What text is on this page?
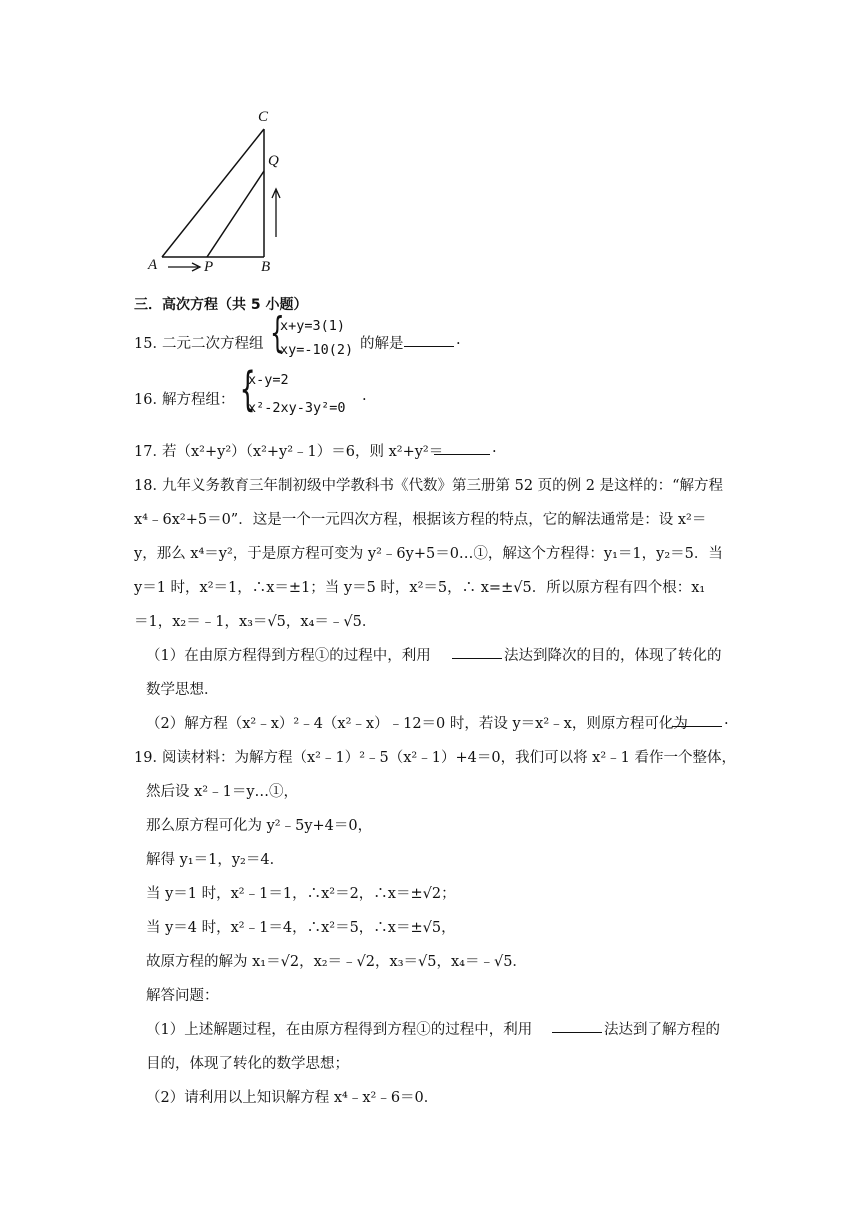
C
Q
A	P	B
三．高次方程（共 5 小题）
15．
二元二次方程组 {
x+y=3(1)
xy=-10(2) 的解是	.
16．
解方程组： {
x-y=2
x²-2xy-3y²=0
.
17．
若（x²+y²）（x²+y²﹣1）＝6，则 x²+y²＝	.
18．
九年义务教育三年制初级中学教科书《代数》第三册第 52 页的例 2 是这样的：“解方程
x⁴﹣6x²+5＝0”．这是一个一元四次方程，根据该方程的特点，它的解法通常是：设 x²＝
y，那么 x⁴＝y²，于是原方程可变为 y²﹣6y+5＝0…①，解这个方程得：y₁＝1，y₂＝5．当
y＝1 时，x²＝1，∴x＝±1；当 y＝5 时，x²＝5，∴ x=±√5．所以原方程有四个根：x₁
＝1，x₂＝﹣1，x₃＝√5，x₄＝﹣√5．
（1）在由原方程得到方程①的过程中，利用	法达到降次的目的，体现了转化的
数学思想．
（2）解方程（x²﹣x）²﹣4（x²﹣x）﹣12＝0 时，若设 y＝x²﹣x，则原方程可化为 .
19．
阅读材料：为解方程（x²﹣1）²﹣5（x²﹣1）+4＝0，我们可以将 x²﹣1 看作一个整体，
然后设 x²﹣1＝y…①，
那么原方程可化为 y²﹣5y+4＝0，
解得 y₁＝1，y₂＝4．
当 y＝1 时，x²﹣1＝1，∴x²＝2，∴x＝±√2；
当 y＝4 时，x²﹣1＝4，∴x²＝5，∴x＝±√5，
故原方程的解为 x₁＝√2，x₂＝﹣√2，x₃＝√5，x₄＝﹣√5．
解答问题：
（1）上述解题过程，在由原方程得到方程①的过程中，利用	法达到了解方程的
目的，体现了转化的数学思想；
（2）请利用以上知识解方程 x⁴﹣x²﹣6＝0．
